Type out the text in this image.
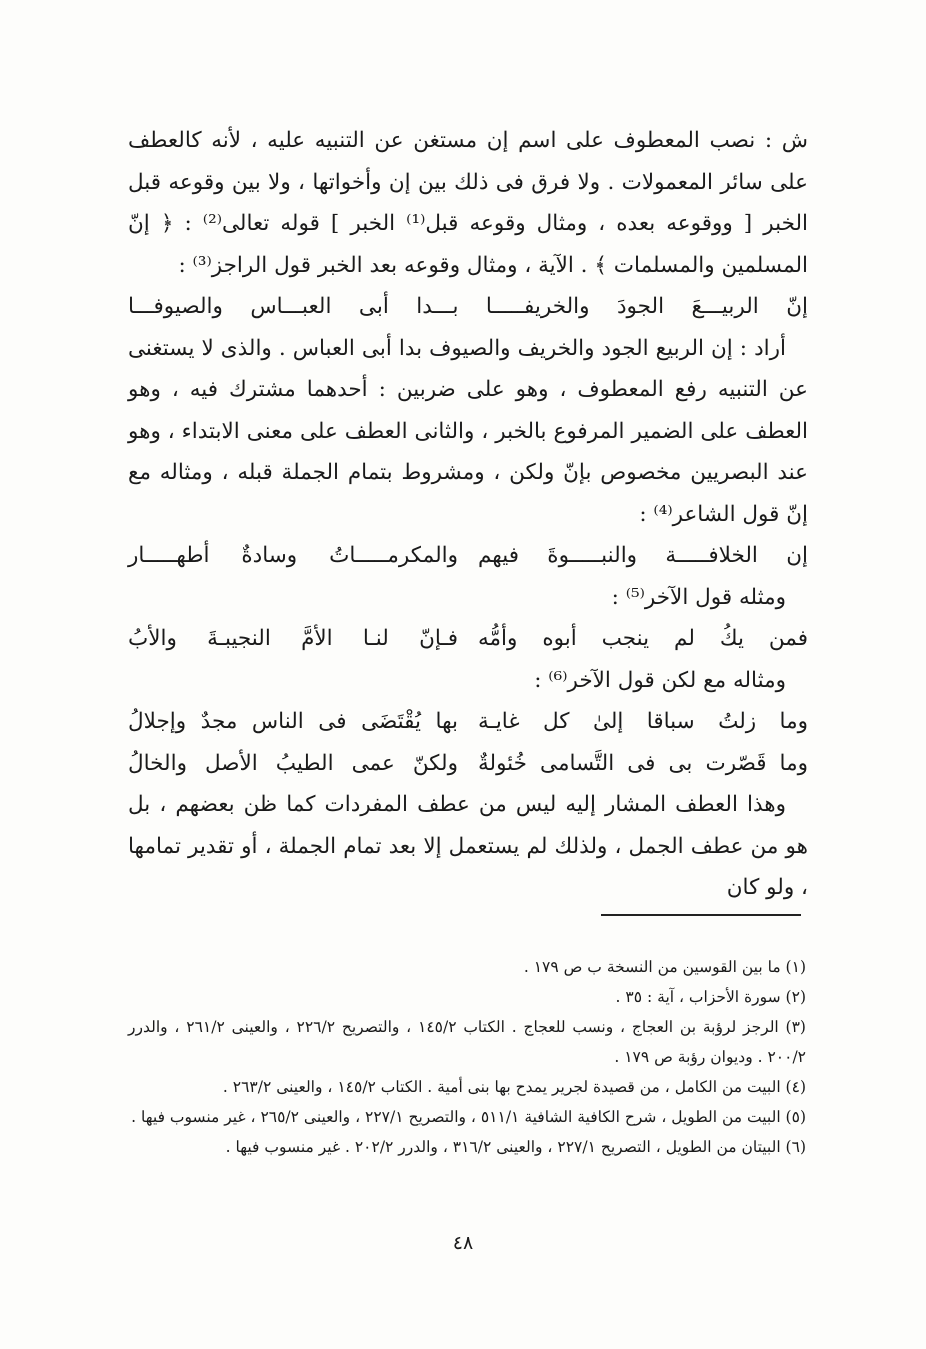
ش : نصب المعطوف على اسم إن مستغن عن التنبيه عليه ، لأنه كالعطف على سائر المعمولات . ولا فرق فى ذلك بين إن وأخواتها ، ولا بين وقوعه قبل الخبر [ ووقوعه بعده ، ومثال وقوعه قبل⁽¹⁾ الخبر ] قوله تعالى⁽²⁾ : ﴿ إنّ المسلمين والمسلمات ﴾ . الآية ، ومثال وقوعه بعد الخبر قول الراجز⁽³⁾ :

إنّ الربيـــعَ الجودَ والخريفـــــا بـــدا أبى العبـــاس والصيوفـــا

أراد : إن الربيع الجود والخريف والصيوف بدا أبى العباس . والذى لا يستغنى عن التنبيه رفع المعطوف ، وهو على ضربين : أحدهما مشترك فيه ، وهو العطف على الضمير المرفوع بالخبر ، والثانى العطف على معنى الابتداء ، وهو عند البصريين مخصوص بإنّ ولكن ، ومشروط بتمام الجملة قبله ، ومثاله مع إنّ قول الشاعر⁽⁴⁾ :

إن الخلافـــــة والنبـــــوةَ فيهم
والمكرمـــــاتُ وسادةٌ أطهـــــار

ومثله قول الآخر⁽⁵⁾ :

فمن يكُ لم ينجب أبوه وأمُّه
فـإنّ لنـا الأمَّ النجيبـةَ والأبُ

ومثاله مع لكن قول الآخر⁽⁶⁾ :

وما زلتُ سباقا إلىٰ كل غايـة
بها يُقْتَضَى فى الناس مجدٌ وإجلالُ
وما قَصّرت بى فى التَّسامى خُئولةٌ
ولكنّ عمى الطيبُ الأصل والخالُ

وهذا العطف المشار إليه ليس من عطف المفردات كما ظن بعضهم ، بل هو من عطف الجمل ، ولذلك لم يستعمل إلا بعد تمام الجملة ، أو تقدير تمامها ، ولو كان

(١) ما بين القوسين من النسخة ب ص ١٧٩ .

(٢) سورة الأحزاب ، آية : ٣٥ .

(٣) الرجز لرؤبة بن العجاج ، ونسب للعجاج . الكتاب ١٤٥/٢ ، والتصريح ٢٢٦/٢ ، والعينى ٢٦١/٢ ، والدرر ٢٠٠/٢ . وديوان رؤبة ص ١٧٩ .

(٤) البيت من الكامل ، من قصيدة لجرير يمدح بها بنى أمية . الكتاب ١٤٥/٢ ، والعينى ٢٦٣/٢ .

(٥) البيت من الطويل ، شرح الكافية الشافية ٥١١/١ ، والتصريح ٢٢٧/١ ، والعينى ٢٦٥/٢ ، غير منسوب فيها .

(٦) البيتان من الطويل ، التصريح ٢٢٧/١ ، والعينى ٣١٦/٢ ، والدرر ٢٠٢/٢ . غير منسوب فيها .

٤٨
